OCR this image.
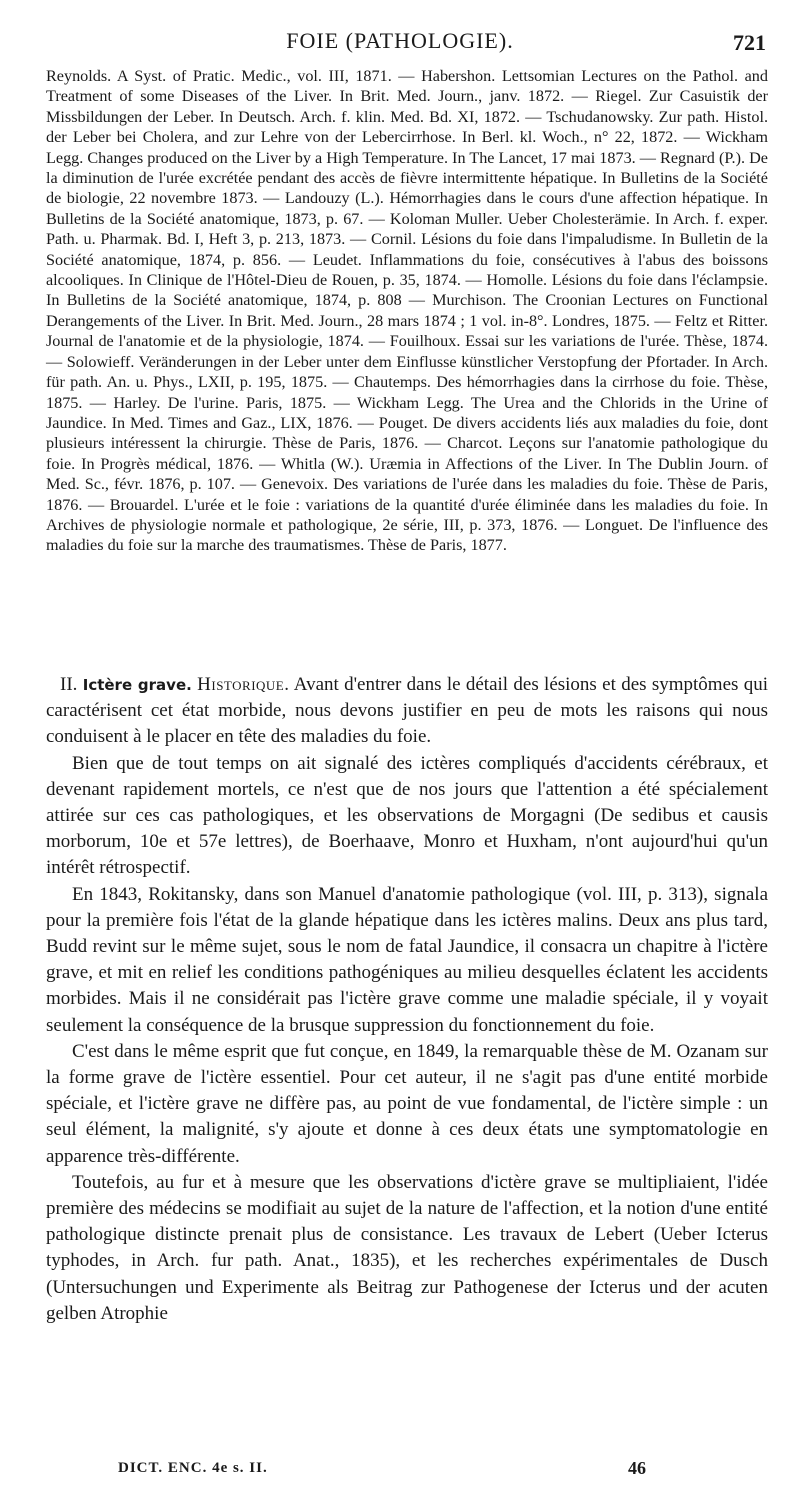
FOIE (PATHOLOGIE).	721

Reynolds. A Syst. of Pratic. Medic., vol. III, 1871. — Habershon. Lettsomian Lectures on the Pathol. and Treatment of some Diseases of the Liver. In Brit. Med. Journ., janv. 1872. — Riegel. Zur Casuistik der Missbildungen der Leber. In Deutsch. Arch. f. klin. Med. Bd. XI, 1872. — Tschudanowsky. Zur path. Histol. der Leber bei Cholera, and zur Lehre von der Lebercirrhose. In Berl. kl. Woch., n° 22, 1872. — Wickham Legg. Changes produced on the Liver by a High Temperature. In The Lancet, 17 mai 1873. — Regnard (P.). De la diminution de l'urée excrétée pendant des accès de fièvre intermittente hépatique. In Bulletins de la Société de biologie, 22 novembre 1873. — Landouzy (L.). Hémorrhagies dans le cours d'une affection hépatique. In Bulletins de la Société anatomique, 1873, p. 67. — Koloman Muller. Ueber Cholesterämie. In Arch. f. exper. Path. u. Pharmak. Bd. I, Heft 3, p. 213, 1873. — Cornil. Lésions du foie dans l'impaludisme. In Bulletin de la Société anatomique, 1874, p. 856. — Leudet. Inflammations du foie, consécutives à l'abus des boissons alcooliques. In Clinique de l'Hôtel-Dieu de Rouen, p. 35, 1874. — Homolle. Lésions du foie dans l'éclampsie. In Bulletins de la Société anatomique, 1874, p. 808 — Murchison. The Croonian Lectures on Functional Derangements of the Liver. In Brit. Med. Journ., 28 mars 1874 ; 1 vol. in-8°. Londres, 1875. — Feltz et Ritter. Journal de l'anatomie et de la physiologie, 1874. — Fouilhoux. Essai sur les variations de l'urée. Thèse, 1874. — Solowieff. Veränderungen in der Leber unter dem Einflusse künstlicher Verstopfung der Pfortader. In Arch. für path. An. u. Phys., LXII, p. 195, 1875. — Chautemps. Des hémorrhagies dans la cirrhose du foie. Thèse, 1875. — Harley. De l'urine. Paris, 1875. — Wickham Legg. The Urea and the Chlorids in the Urine of Jaundice. In Med. Times and Gaz., LIX, 1876. — Pouget. De divers accidents liés aux maladies du foie, dont plusieurs intéressent la chirurgie. Thèse de Paris, 1876. — Charcot. Leçons sur l'anatomie pathologique du foie. In Progrès médical, 1876. — Whitla (W.). Uræmia in Affections of the Liver. In The Dublin Journ. of Med. Sc., févr. 1876, p. 107. — Genevoix. Des variations de l'urée dans les maladies du foie. Thèse de Paris, 1876. — Brouardel. L'urée et le foie : variations de la quantité d'urée éliminée dans les maladies du foie. In Archives de physiologie normale et pathologique, 2e série, III, p. 373, 1876. — Longuet. De l'influence des maladies du foie sur la marche des traumatismes. Thèse de Paris, 1877.

II. Ictère grave. Historique. Avant d'entrer dans le détail des lésions et des symptômes qui caractérisent cet état morbide, nous devons justifier en peu de mots les raisons qui nous conduisent à le placer en tête des maladies du foie.

Bien que de tout temps on ait signalé des ictères compliqués d'accidents cérébraux, et devenant rapidement mortels, ce n'est que de nos jours que l'attention a été spécialement attirée sur ces cas pathologiques, et les observations de Morgagni (De sedibus et causis morborum, 10e et 57e lettres), de Boerhaave, Monro et Huxham, n'ont aujourd'hui qu'un intérêt rétrospectif.

En 1843, Rokitansky, dans son Manuel d'anatomie pathologique (vol. III, p. 313), signala pour la première fois l'état de la glande hépatique dans les ictères malins. Deux ans plus tard, Budd revint sur le même sujet, sous le nom de fatal Jaundice, il consacra un chapitre à l'ictère grave, et mit en relief les conditions pathogéniques au milieu desquelles éclatent les accidents morbides. Mais il ne considérait pas l'ictère grave comme une maladie spéciale, il y voyait seulement la conséquence de la brusque suppression du fonctionnement du foie.

C'est dans le même esprit que fut conçue, en 1849, la remarquable thèse de M. Ozanam sur la forme grave de l'ictère essentiel. Pour cet auteur, il ne s'agit pas d'une entité morbide spéciale, et l'ictère grave ne diffère pas, au point de vue fondamental, de l'ictère simple : un seul élément, la malignité, s'y ajoute et donne à ces deux états une symptomatologie en apparence très-différente.

Toutefois, au fur et à mesure que les observations d'ictère grave se multipliaient, l'idée première des médecins se modifiait au sujet de la nature de l'affection, et la notion d'une entité pathologique distincte prenait plus de consistance. Les travaux de Lebert (Ueber Icterus typhodes, in Arch. fur path. Anat., 1835), et les recherches expérimentales de Dusch (Untersuchungen und Experimente als Beitrag zur Pathogenese der Icterus und der acuten gelben Atrophie

DICT. ENC. 4e s. II.	46
